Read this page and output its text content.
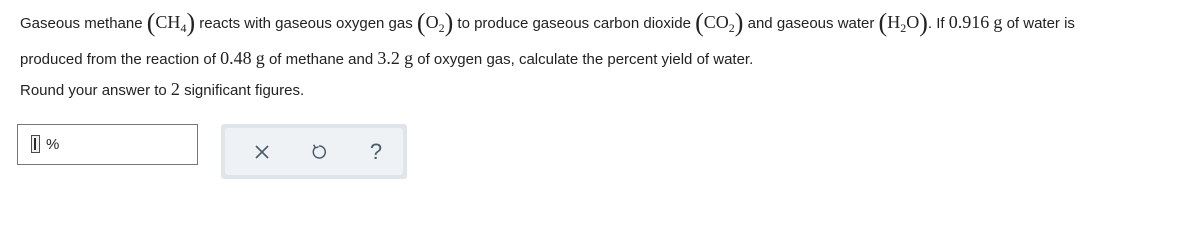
Gaseous methane $(CH_4)$ reacts with gaseous oxygen gas $(O_2)$ to produce gaseous carbon dioxide $(CO_2)$ and gaseous water $(H_2O)$. If 0.916 g of water is
produced from the reaction of 0.48 g of methane and 3.2 g of oxygen gas, calculate the percent yield of water.
Round your answer to 2 significant figures.
%	?
